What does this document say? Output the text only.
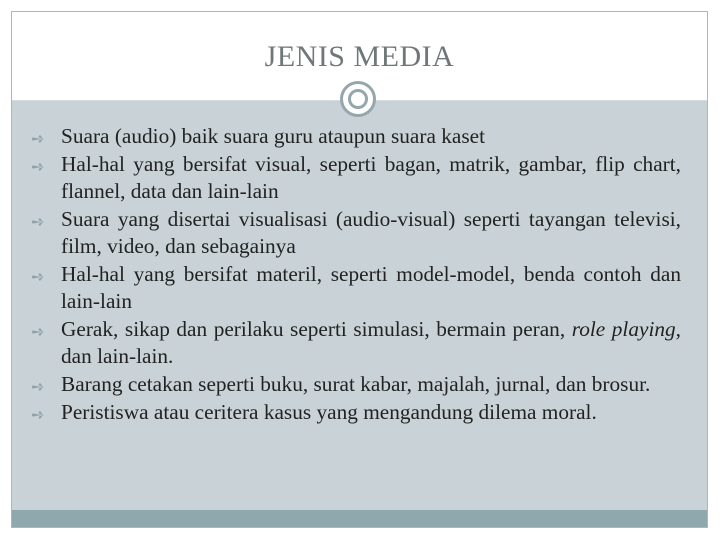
JENIS MEDIA
➺ Suara (audio) baik suara guru ataupun suara kaset
➺ Hal-hal yang bersifat visual, seperti bagan, matrik, gambar, flip chart, flannel, data dan lain-lain
➺ Suara yang disertai visualisasi (audio-visual) seperti tayangan televisi, film, video, dan sebagainya
➺ Hal-hal yang bersifat materil, seperti model-model, benda contoh dan lain-lain
➺ Gerak, sikap dan perilaku seperti simulasi, bermain peran, role playing, dan lain-lain.
➺ Barang cetakan seperti buku, surat kabar, majalah, jurnal, dan brosur.
➺ Peristiswa atau ceritera kasus yang mengandung dilema moral.
